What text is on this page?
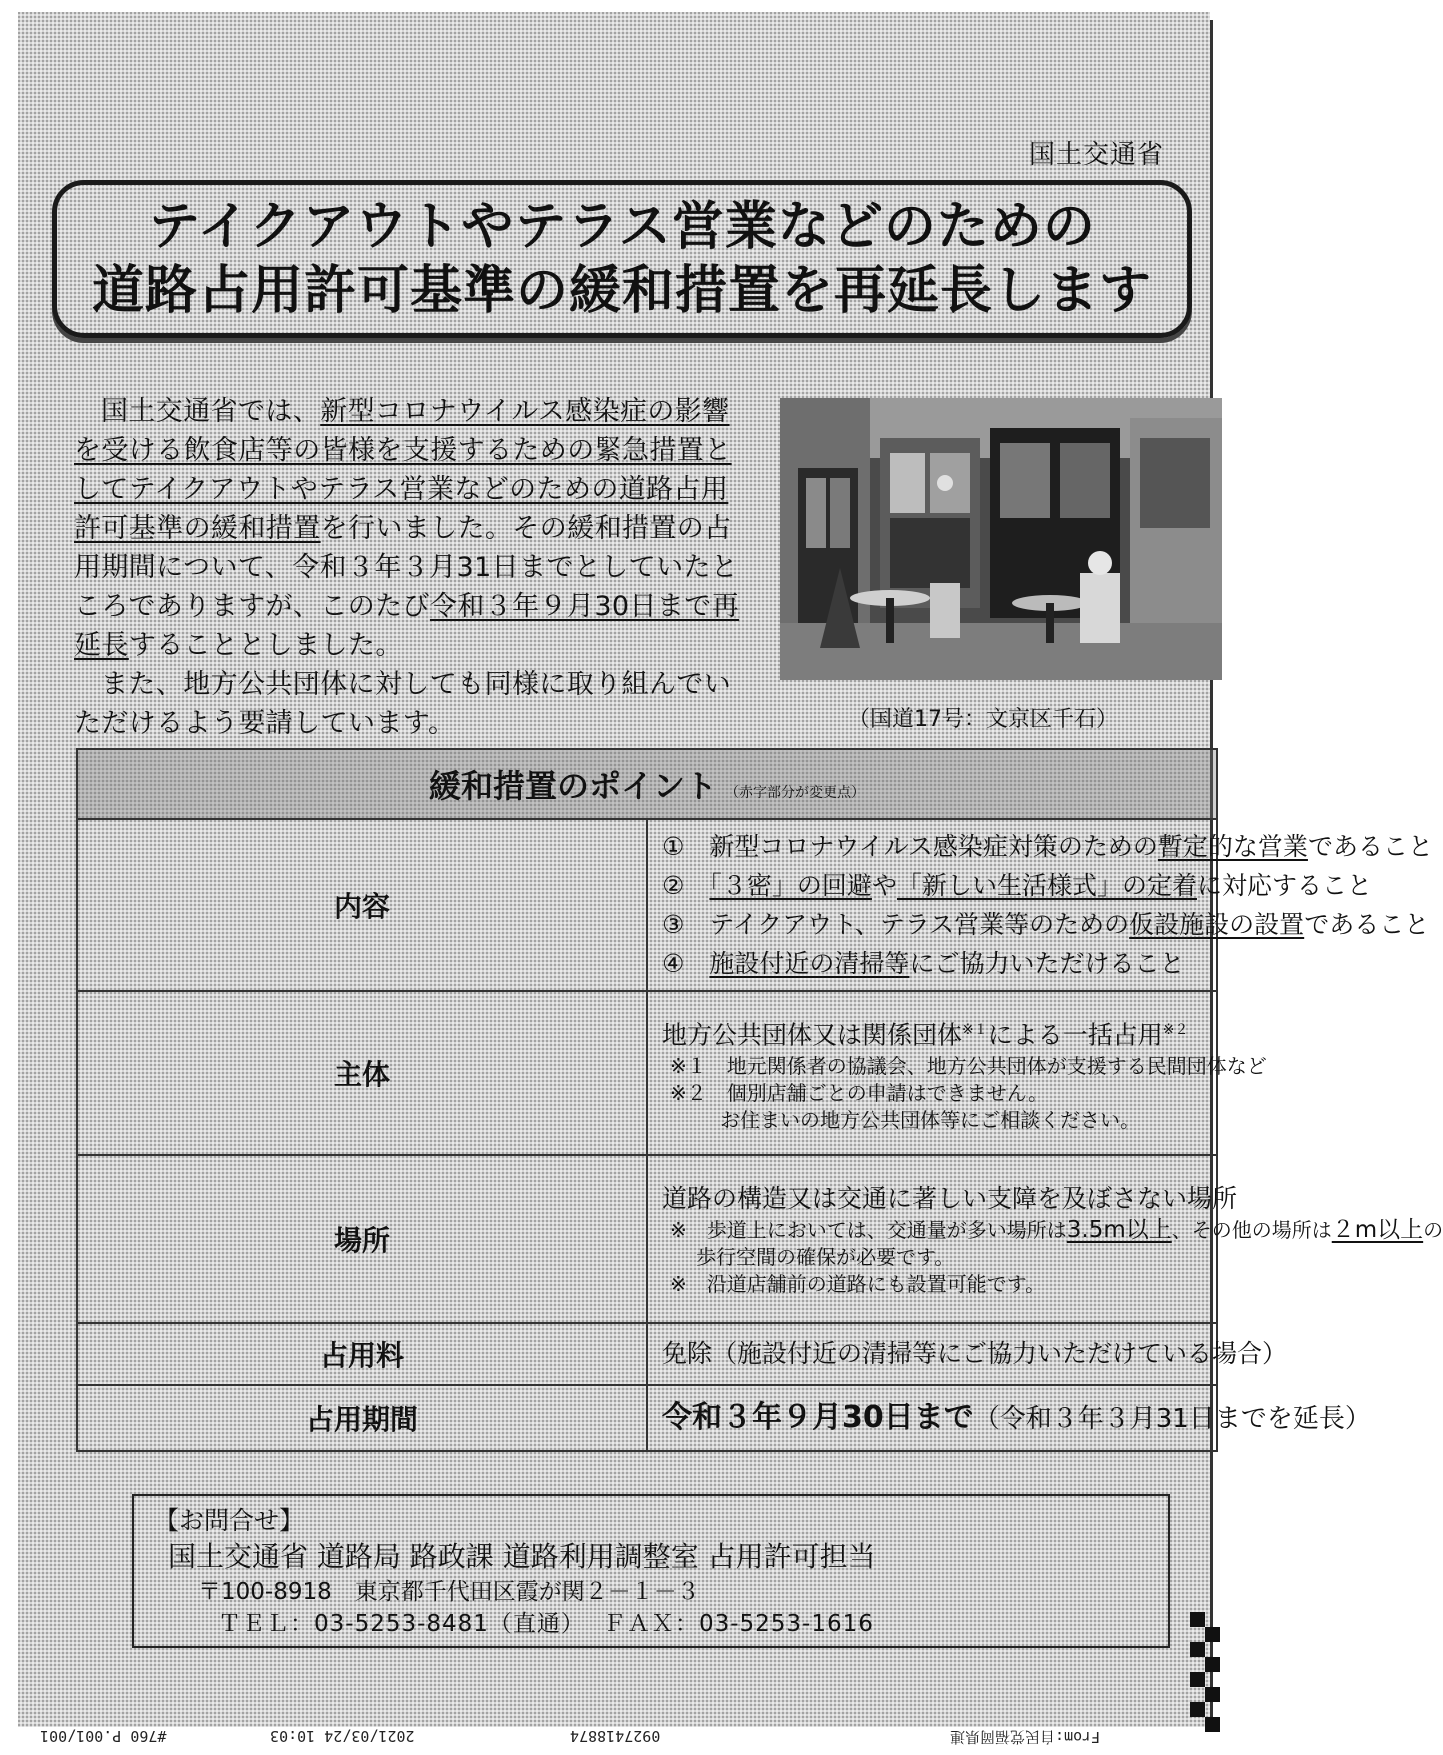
国土交通省
テイクアウトやテラス営業などのための
道路占用許可基準の緩和措置を再延長します

国土交通省では、新型コロナウイルス感染症の影響を受ける飲食店等の皆様を支援するための緊急措置としてテイクアウトやテラス営業などのための道路占用許可基準の緩和措置を行いました。その緩和措置の占用期間について、令和３年３月31日までとしていたところでありますが、このたび令和３年９月30日まで再延長することとしました。

また、地方公共団体に対しても同様に取り組んでいただけるよう要請しています。	（国道17号：文京区千石）
緩和措置のポイント （赤字部分が変更点）	
内容	①　新型コロナウイルス感染症対策のための暫定的な営業であること
②　「３密」の回避や「新しい生活様式」の定着に対応すること
③　テイクアウト、テラス営業等のための仮設施設の設置であること
④　施設付近の清掃等にご協力いただけること

主体	地方公共団体又は関係団体$^{※1}$による一括占用$^{※2}$
※１　地元関係者の協議会、地方公共団体が支援する民間団体など
※２　個別店舗ごとの申請はできません。
お住まいの地方公共団体等にご相談ください。

場所	道路の構造又は交通に著しい支障を及ぼさない場所
※　歩道上においては、交通量が多い場所は3.5m以上、その他の場所は２m以上の
歩行空間の確保が必要です。
※　沿道店舗前の道路にも設置可能です。

占用料	免除（施設付近の清掃等にご協力いただけている場合）

占用期間	令和３年９月30日まで（令和３年３月31日までを延長）
【お問合せ】
国土交通省 道路局 路政課 道路利用調整室 占用許可担当
〒100-8918　東京都千代田区霞が関２－１－３
ＴＥＬ：03-5253-8481（直通） ＦＡＸ：03-5253-1616
#760 P.001/001	2021/03/24 10:03	0927418874	From:自民党福岡県連
